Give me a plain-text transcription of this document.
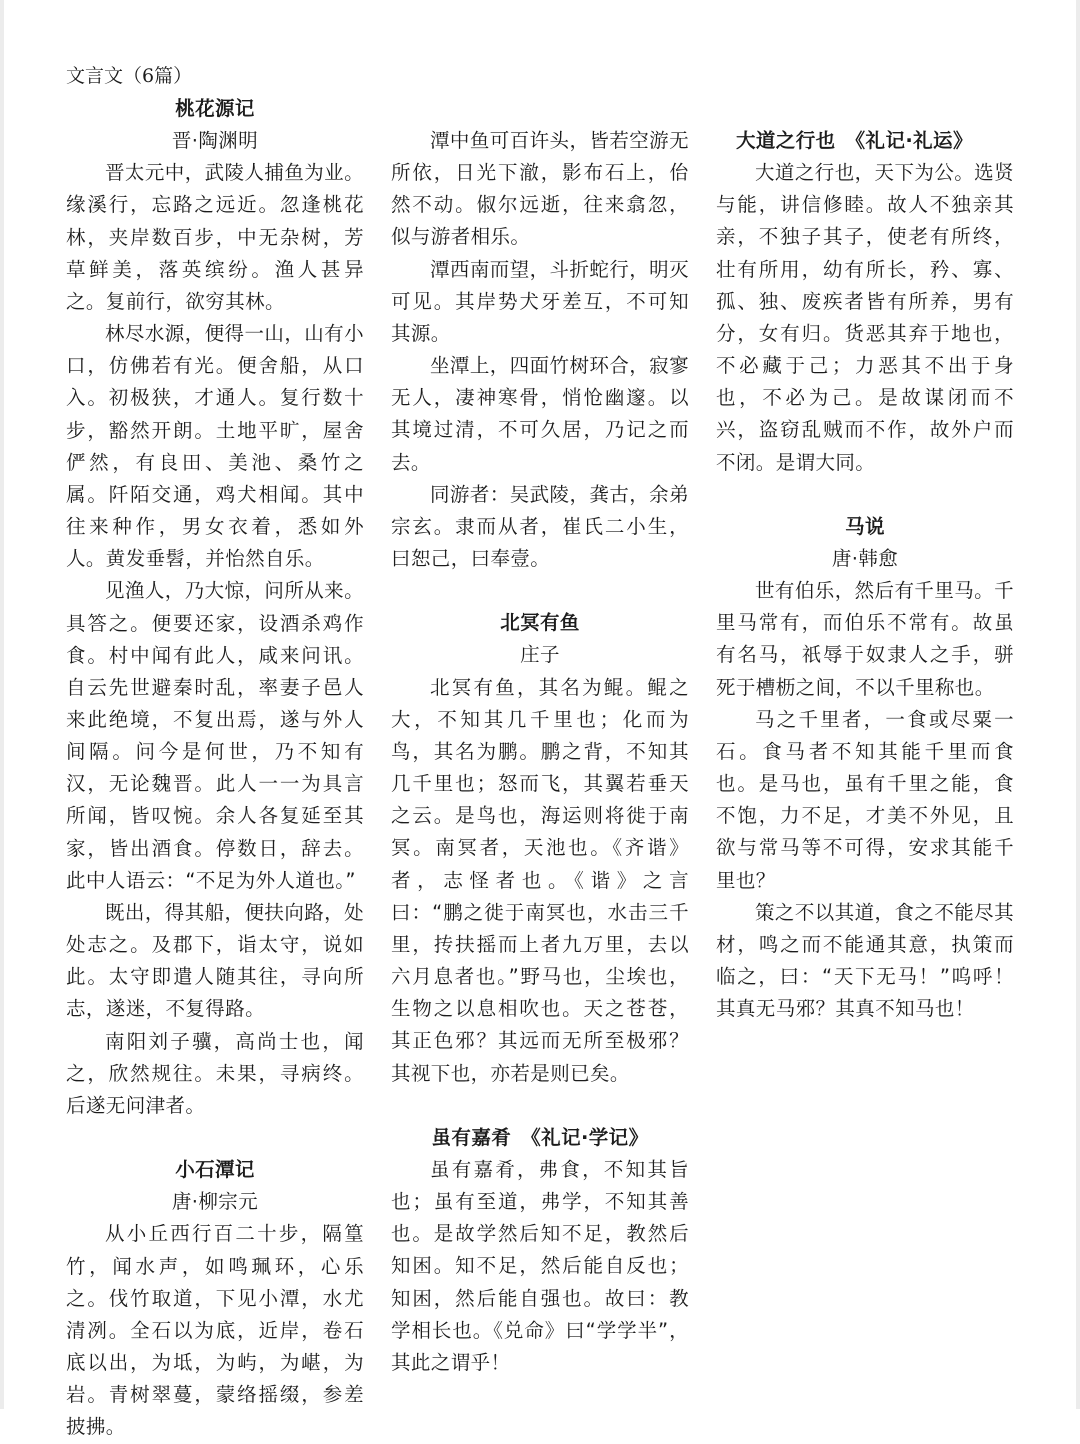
文言文（6篇）
桃花源记
晋·陶渊明

晋太元中，武陵人捕鱼为业。缘溪行，忘路之远近。忽逢桃花林，夹岸数百步，中无杂树，芳草鲜美，落英缤纷。渔人甚异之。复前行，欲穷其林。

林尽水源，便得一山，山有小口，仿佛若有光。便舍船，从口入。初极狭，才通人。复行数十步，豁然开朗。土地平旷，屋舍俨然，有良田、美池、桑竹之属。阡陌交通，鸡犬相闻。其中往来种作，男女衣着，悉如外人。黄发垂髫，并怡然自乐。

见渔人，乃大惊，问所从来。具答之。便要还家，设酒杀鸡作食。村中闻有此人，咸来问讯。自云先世避秦时乱，率妻子邑人来此绝境，不复出焉，遂与外人间隔。问今是何世，乃不知有汉，无论魏晋。此人一一为具言所闻，皆叹惋。余人各复延至其家，皆出酒食。停数日，辞去。此中人语云：“不足为外人道也。”

既出，得其船，便扶向路，处处志之。及郡下，诣太守，说如此。太守即遣人随其往，寻向所志，遂迷，不复得路。

南阳刘子骥，高尚士也，闻之，欣然规往。未果，寻病终。后遂无问津者。

小石潭记
唐·柳宗元

从小丘西行百二十步，隔篁竹，闻水声，如鸣珮环，心乐之。伐竹取道，下见小潭，水尤清冽。全石以为底，近岸，卷石底以出，为坻，为屿，为嵁，为岩。青树翠蔓，蒙络摇缀，参差披拂。

潭中鱼可百许头，皆若空游无所依，日光下澈，影布石上，佁然不动。俶尔远逝，往来翕忽，似与游者相乐。

潭西南而望，斗折蛇行，明灭可见。其岸势犬牙差互，不可知其源。

坐潭上，四面竹树环合，寂寥无人，凄神寒骨，悄怆幽邃。以其境过清，不可久居，乃记之而去。

同游者：吴武陵，龚古，余弟宗玄。隶而从者，崔氏二小生，曰恕己，曰奉壹。

北冥有鱼
庄子

北冥有鱼，其名为鲲。鲲之大，不知其几千里也；化而为鸟，其名为鹏。鹏之背，不知其几千里也；怒而飞，其翼若垂天之云。是鸟也，海运则将徙于南冥。南冥者，天池也。《齐谐》者，志怪者也。《谐》之言曰：“鹏之徙于南冥也，水击三千里，抟扶摇而上者九万里，去以六月息者也。”野马也，尘埃也，生物之以息相吹也。天之苍苍，其正色邪？其远而无所至极邪？其视下也，亦若是则已矣。

虽有嘉肴　《礼记·学记》

虽有嘉肴，弗食，不知其旨也；虽有至道，弗学，不知其善也。是故学然后知不足，教然后知困。知不足，然后能自反也；知困，然后能自强也。故曰：教学相长也。《兑命》曰“学学半”，其此之谓乎！

大道之行也　《礼记·礼运》

大道之行也，天下为公。选贤与能，讲信修睦。故人不独亲其亲，不独子其子，使老有所终，壮有所用，幼有所长，矜、寡、孤、独、废疾者皆有所养，男有分，女有归。货恶其弃于地也，不必藏于己；力恶其不出于身也，不必为己。是故谋闭而不兴，盗窃乱贼而不作，故外户而不闭。是谓大同。

马说
唐·韩愈

世有伯乐，然后有千里马。千里马常有，而伯乐不常有。故虽有名马，祇辱于奴隶人之手，骈死于槽枥之间，不以千里称也。

马之千里者，一食或尽粟一石。食马者不知其能千里而食也。是马也，虽有千里之能，食不饱，力不足，才美不外见，且欲与常马等不可得，安求其能千里也？

策之不以其道，食之不能尽其材，鸣之而不能通其意，执策而临之，曰：“天下无马！”呜呼！其真无马邪？其真不知马也！
